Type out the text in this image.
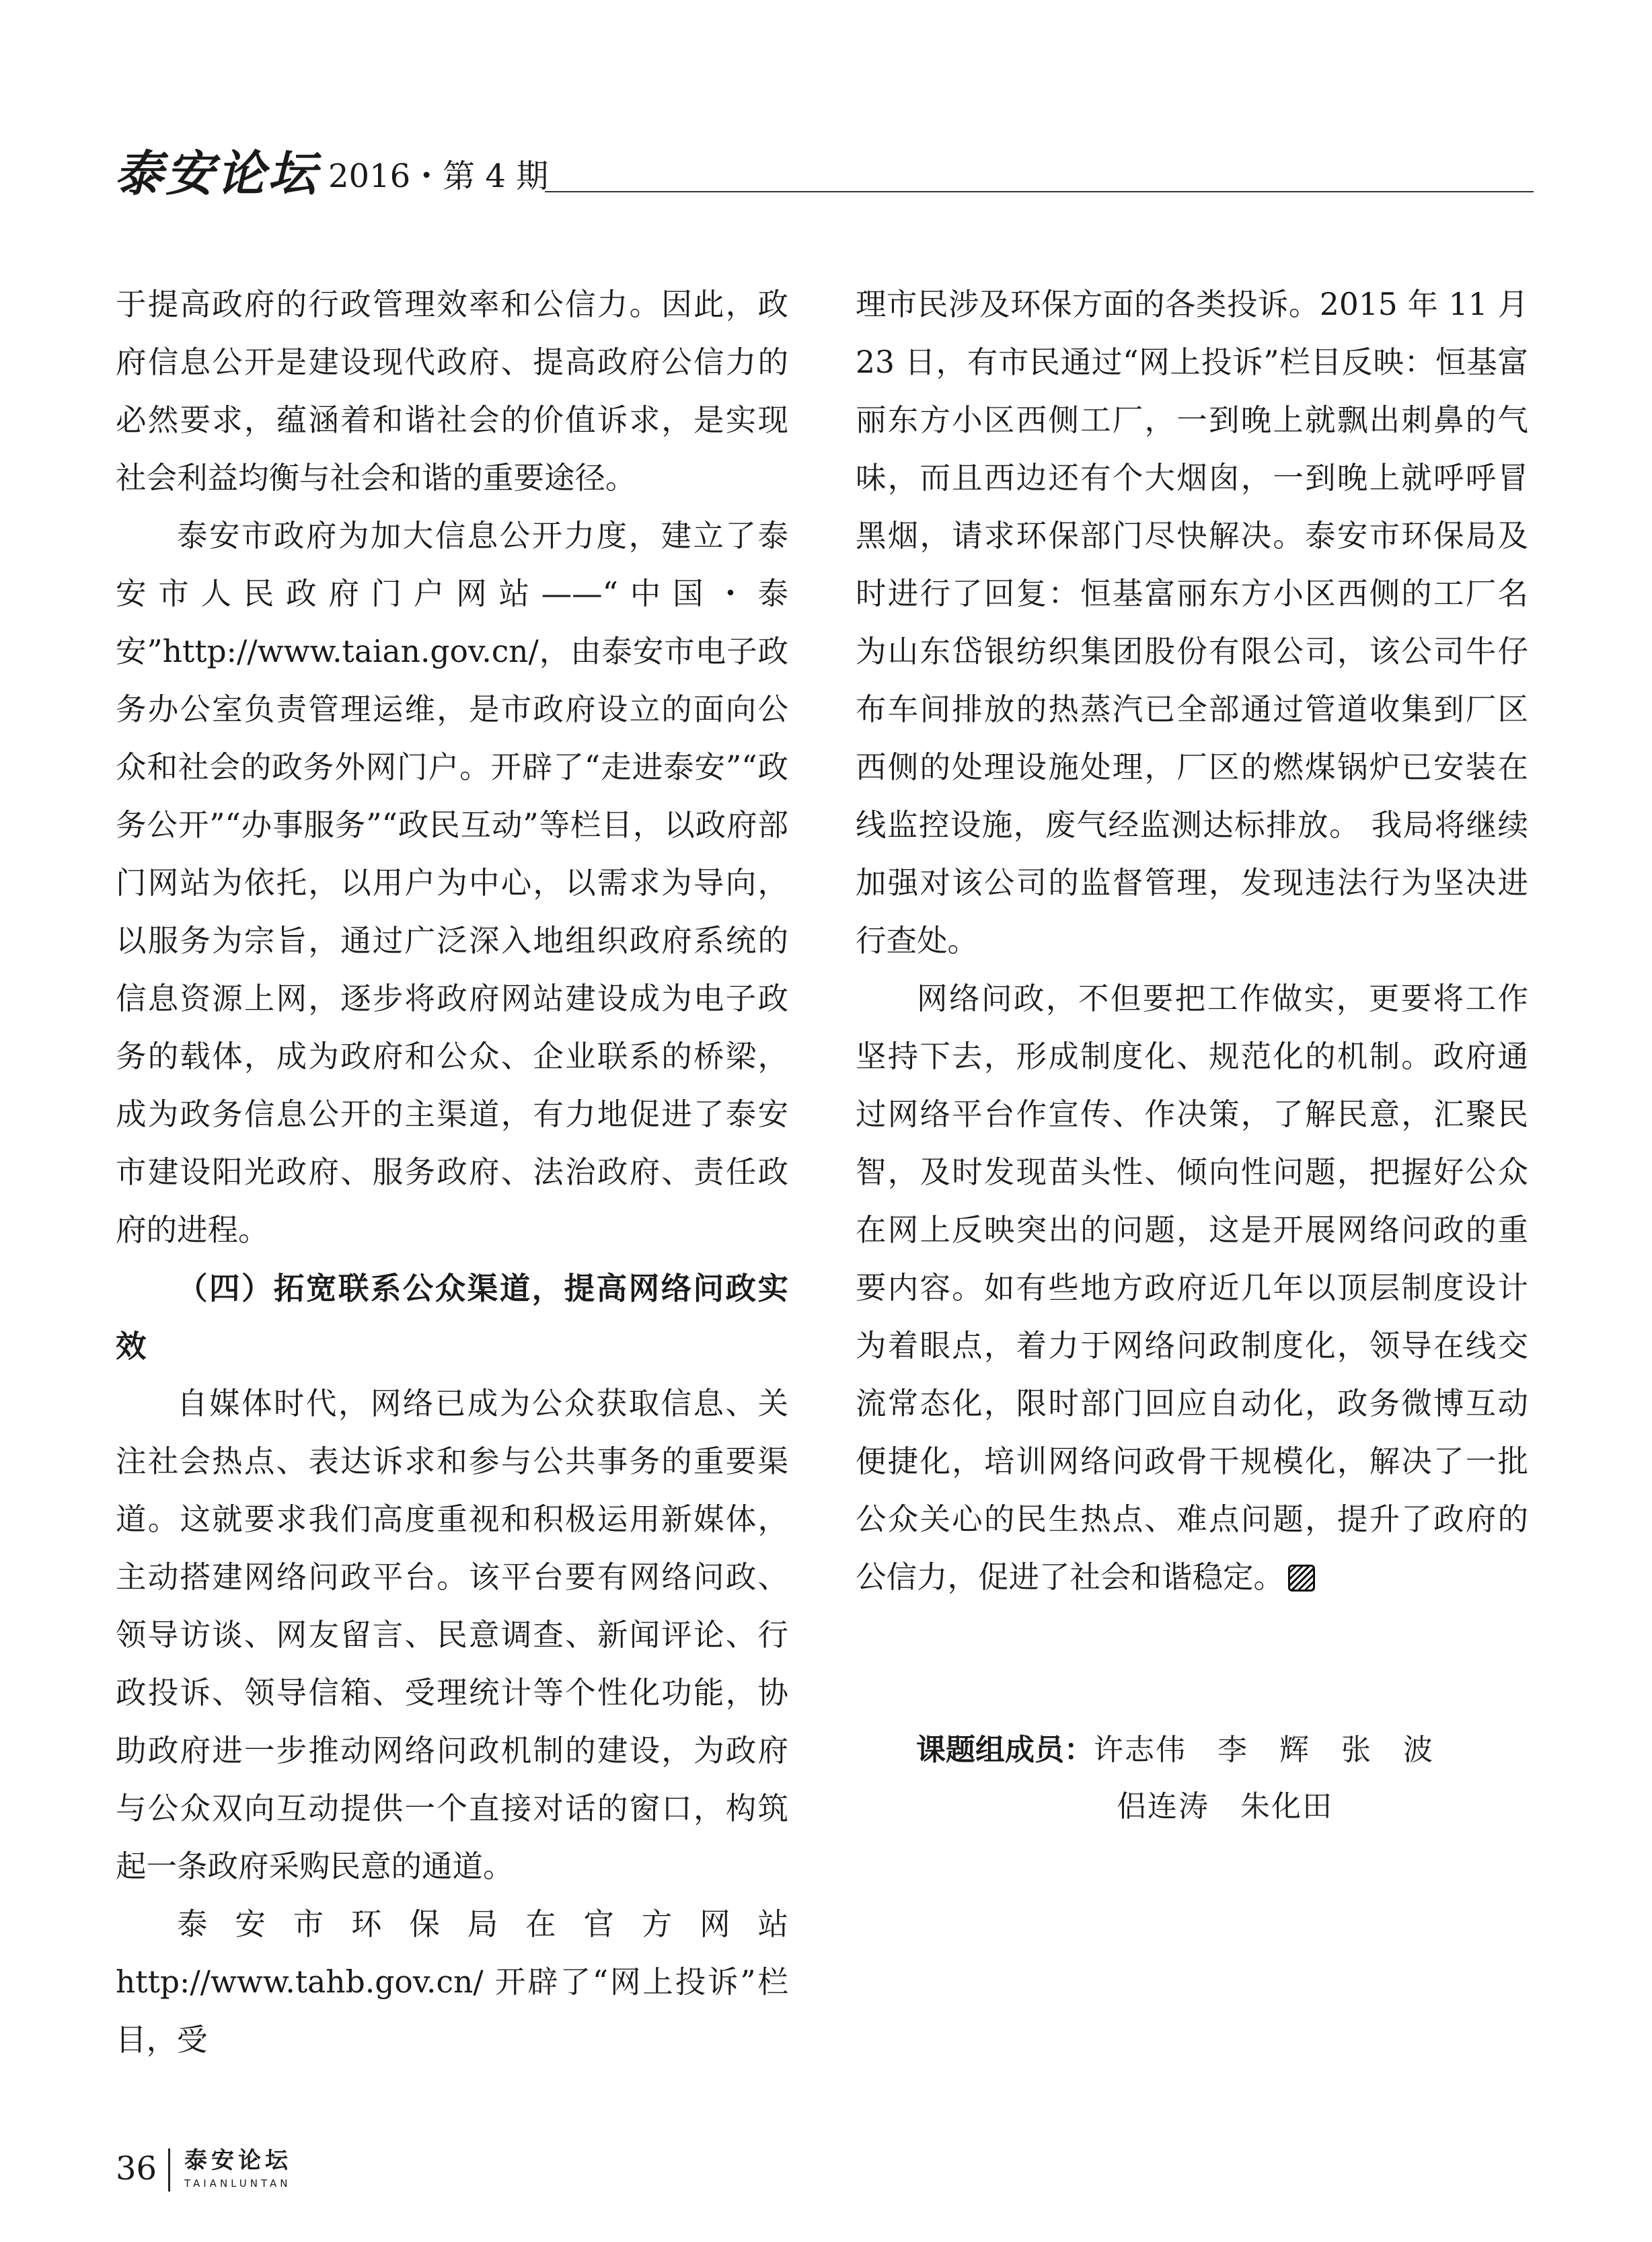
泰安论坛 2016・第 4 期

于提高政府的行政管理效率和公信力。因此，政府信息公开是建设现代政府、提高政府公信力的必然要求，蕴涵着和谐社会的价值诉求，是实现社会利益均衡与社会和谐的重要途径。

泰安市政府为加大信息公开力度，建立了泰安市人民政府门户网站——“中国・泰安”http://www.taian.gov.cn/，由泰安市电子政务办公室负责管理运维，是市政府设立的面向公众和社会的政务外网门户。开辟了“走进泰安”“政务公开”“办事服务”“政民互动”等栏目，以政府部门网站为依托，以用户为中心，以需求为导向，以服务为宗旨，通过广泛深入地组织政府系统的信息资源上网，逐步将政府网站建设成为电子政务的载体，成为政府和公众、企业联系的桥梁，成为政务信息公开的主渠道，有力地促进了泰安市建设阳光政府、服务政府、法治政府、责任政府的进程。

（四）拓宽联系公众渠道，提高网络问政实效

自媒体时代，网络已成为公众获取信息、关注社会热点、表达诉求和参与公共事务的重要渠道。这就要求我们高度重视和积极运用新媒体，主动搭建网络问政平台。该平台要有网络问政、领导访谈、网友留言、民意调查、新闻评论、行政投诉、领导信箱、受理统计等个性化功能，协助政府进一步推动网络问政机制的建设，为政府与公众双向互动提供一个直接对话的窗口，构筑起一条政府采购民意的通道。

泰安市环保局在官方网站 http://www.tahb.gov.cn/ 开辟了“网上投诉”栏目，受

理市民涉及环保方面的各类投诉。2015 年 11 月 23 日，有市民通过“网上投诉”栏目反映：恒基富丽东方小区西侧工厂，一到晚上就飘出刺鼻的气味，而且西边还有个大烟囱，一到晚上就呼呼冒黑烟，请求环保部门尽快解决。泰安市环保局及时进行了回复：恒基富丽东方小区西侧的工厂名为山东岱银纺织集团股份有限公司，该公司牛仔布车间排放的热蒸汽已全部通过管道收集到厂区西侧的处理设施处理，厂区的燃煤锅炉已安装在线监控设施，废气经监测达标排放。 我局将继续加强对该公司的监督管理，发现违法行为坚决进行查处。

网络问政，不但要把工作做实，更要将工作坚持下去，形成制度化、规范化的机制。政府通过网络平台作宣传、作决策，了解民意，汇聚民智，及时发现苗头性、倾向性问题，把握好公众在网上反映突出的问题，这是开展网络问政的重要内容。如有些地方政府近几年以顶层制度设计为着眼点，着力于网络问政制度化，领导在线交流常态化，限时部门回应自动化，政务微博互动便捷化，培训网络问政骨干规模化，解决了一批公众关心的民生热点、难点问题，提升了政府的公信力，促进了社会和谐稳定。

课题组成员：许志伟　李　辉　张　波
侣连涛　朱化田
36 泰安论坛
TAIANLUNTAN
